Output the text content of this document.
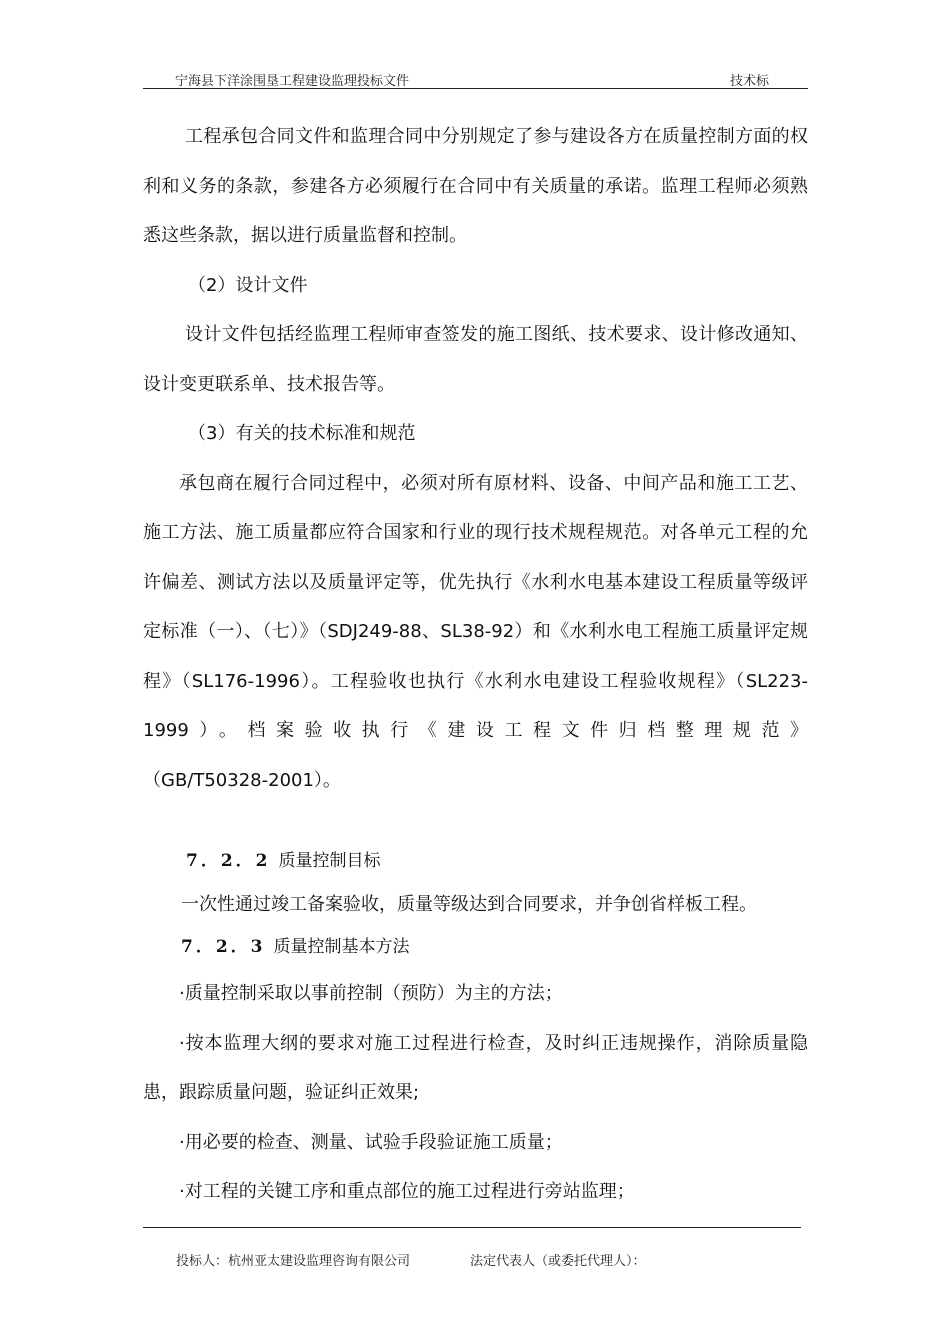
宁海县下洋涂围垦工程建设监理投标文件	技术标

工程承包合同文件和监理合同中分别规定了参与建设各方在质量控制方面的权利和义务的条款，参建各方必须履行在合同中有关质量的承诺。监理工程师必须熟悉这些条款，据以进行质量监督和控制。

（2）设计文件

设计文件包括经监理工程师审查签发的施工图纸、技术要求、设计修改通知、设计变更联系单、技术报告等。

（3）有关的技术标准和规范

承包商在履行合同过程中，必须对所有原材料、设备、中间产品和施工工艺、施工方法、施工质量都应符合国家和行业的现行技术规程规范。对各单元工程的允许偏差、测试方法以及质量评定等，优先执行《水利水电基本建设工程质量等级评定标准（一）、（七）》（SDJ249-88、SL38-92）和《水利水电工程施工质量评定规程》（SL176-1996）。工程验收也执行《水利水电建设工程验收规程》（SL223-1999）。档案验收执行《建设工程文件归档整理规范》

（GB/T50328-2001）。

7．2．2 质量控制目标

一次性通过竣工备案验收，质量等级达到合同要求，并争创省样板工程。

7．2．3 质量控制基本方法

·质量控制采取以事前控制（预防）为主的方法；

·按本监理大纲的要求对施工过程进行检查，及时纠正违规操作，消除质量隐患，跟踪质量问题，验证纠正效果;

·用必要的检查、测量、试验手段验证施工质量；

·对工程的关键工序和重点部位的施工过程进行旁站监理；

投标人：杭州亚太建设监理咨询有限公司	法定代表人（或委托代理人）：
